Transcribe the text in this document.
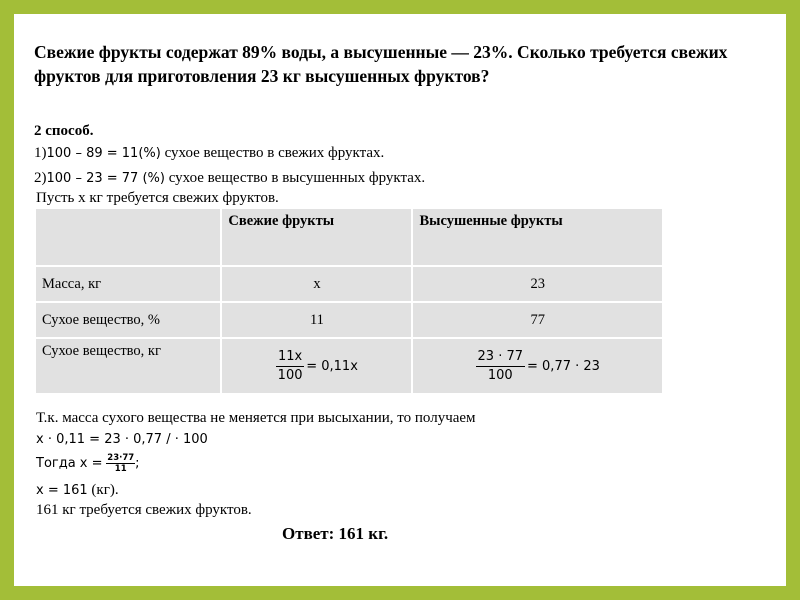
Свежие фрукты содержат 89% воды, а высушенные — 23%. Сколько требуется свежих фруктов для приготовления 23 кг высушенных фруктов?
2 способ.
1)100 – 89 = 11(%) сухое вещество в свежих фруктах.
2)100 – 23 = 77 (%) сухое вещество в высушенных фруктах.
Пусть x кг требуется свежих фруктов.

	Свежие фрукты	Высушенные фрукты

Масса, кг	x	23
Сухое вещество, %	11	77
Сухое вещество, кг	$\frac{11x}{100} = 0,11x$	$\frac{23 \cdot 77}{100} = 0,77 \cdot 23$
Т.к. масса сухого вещества не меняется при высыхании, то получаем
x · 0,11 = 23 · 0,77 / · 100
Тогда $x = \frac{23\cdot 77}{11}$ ;
x = 161 (кг).
161 кг требуется свежих фруктов.
Ответ: 161 кг.
